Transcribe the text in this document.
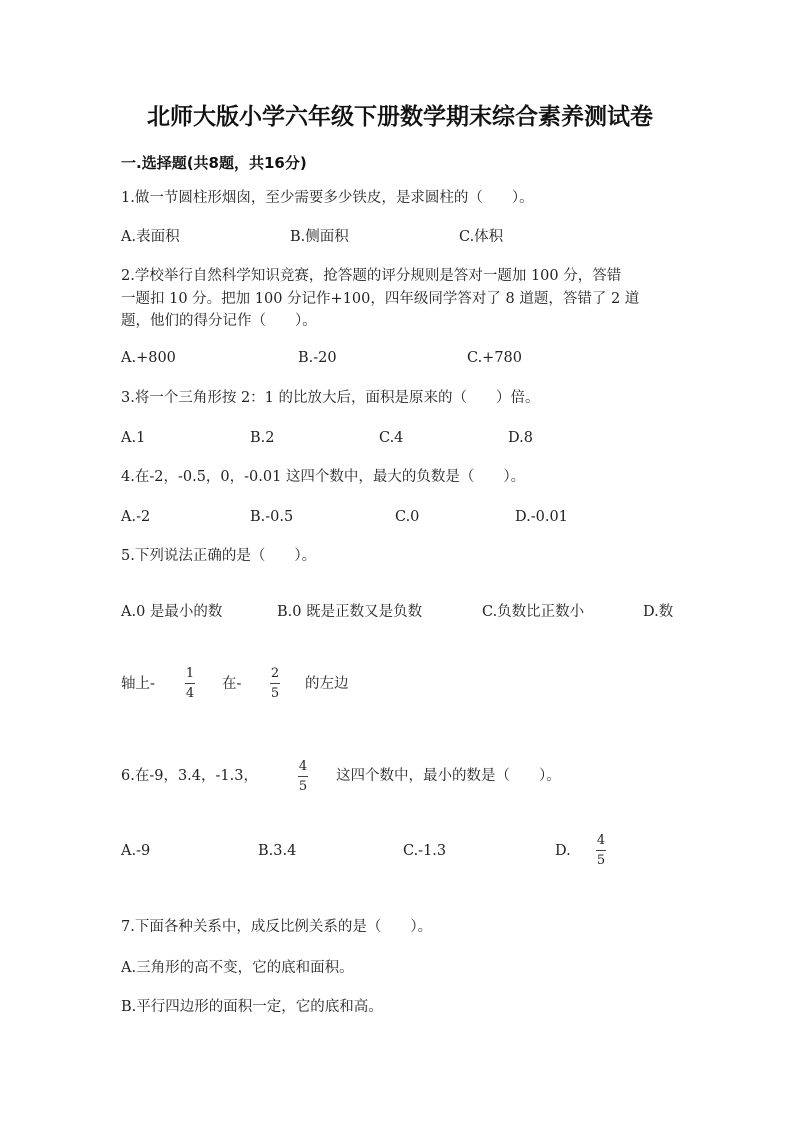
北师大版小学六年级下册数学期末综合素养测试卷
一.选择题(共8题，共16分)
1.做一节圆柱形烟囱，至少需要多少铁皮，是求圆柱的（　　）。
A.表面积	B.侧面积	C.体积
2.学校举行自然科学知识竞赛，抢答题的评分规则是答对一题加 100 分，答错
一题扣 10 分。把加 100 分记作+100，四年级同学答对了 8 道题，答错了 2 道
题，他们的得分记作（　　）。
A.+800	B.-20	C.+780
3.将一个三角形按 2：1 的比放大后，面积是原来的（　　）倍。
A.1	B.2	C.4	D.8
4.在-2，-0.5，0，-0.01 这四个数中，最大的负数是（　　）。
A.-2	B.-0.5	C.0	D.-0.01
5.下列说法正确的是（　　）。
A.0 是最小的数	B.0 既是正数又是负数	C.负数比正数小	D.数
轴上-
1
4
在-
2
5
的左边
6.在-9，3.4，-1.3，
4
5
这四个数中，最小的数是（　　）。
A.-9	B.3.4	C.-1.3	D.
4
5
7.下面各种关系中，成反比例关系的是（　　）。
A.三角形的高不变，它的底和面积。
B.平行四边形的面积一定，它的底和高。
